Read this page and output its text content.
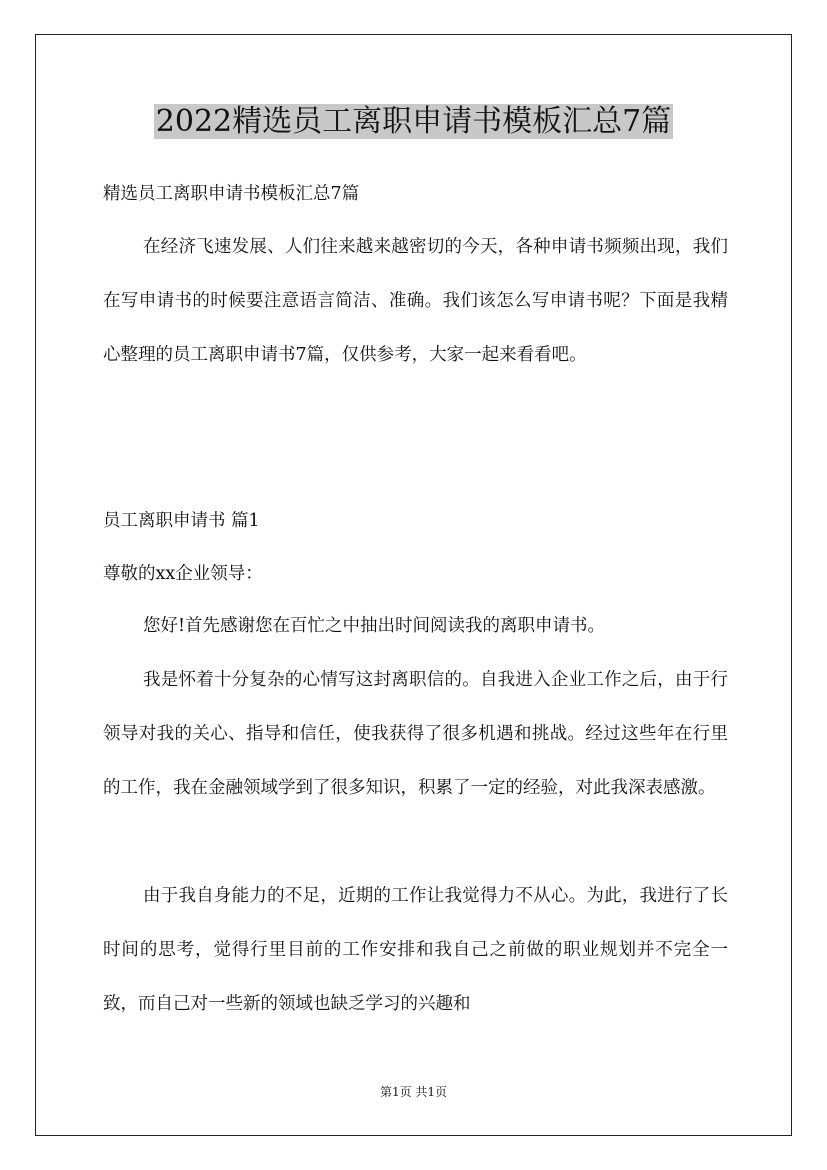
2022精选员工离职申请书模板汇总7篇

精选员工离职申请书模板汇总7篇

在经济飞速发展、人们往来越来越密切的今天，各种申请书频频出现，我们在写申请书的时候要注意语言简洁、准确。我们该怎么写申请书呢？下面是我精心整理的员工离职申请书7篇，仅供参考，大家一起来看看吧。

员工离职申请书 篇1

尊敬的xx企业领导：

您好!首先感谢您在百忙之中抽出时间阅读我的离职申请书。

我是怀着十分复杂的心情写这封离职信的。自我进入企业工作之后，由于行领导对我的关心、指导和信任，使我获得了很多机遇和挑战。经过这些年在行里的工作，我在金融领域学到了很多知识，积累了一定的经验，对此我深表感激。

由于我自身能力的不足，近期的工作让我觉得力不从心。为此，我进行了长时间的思考，觉得行里目前的工作安排和我自己之前做的职业规划并不完全一致，而自己对一些新的领域也缺乏学习的兴趣和

第1页 共1页
